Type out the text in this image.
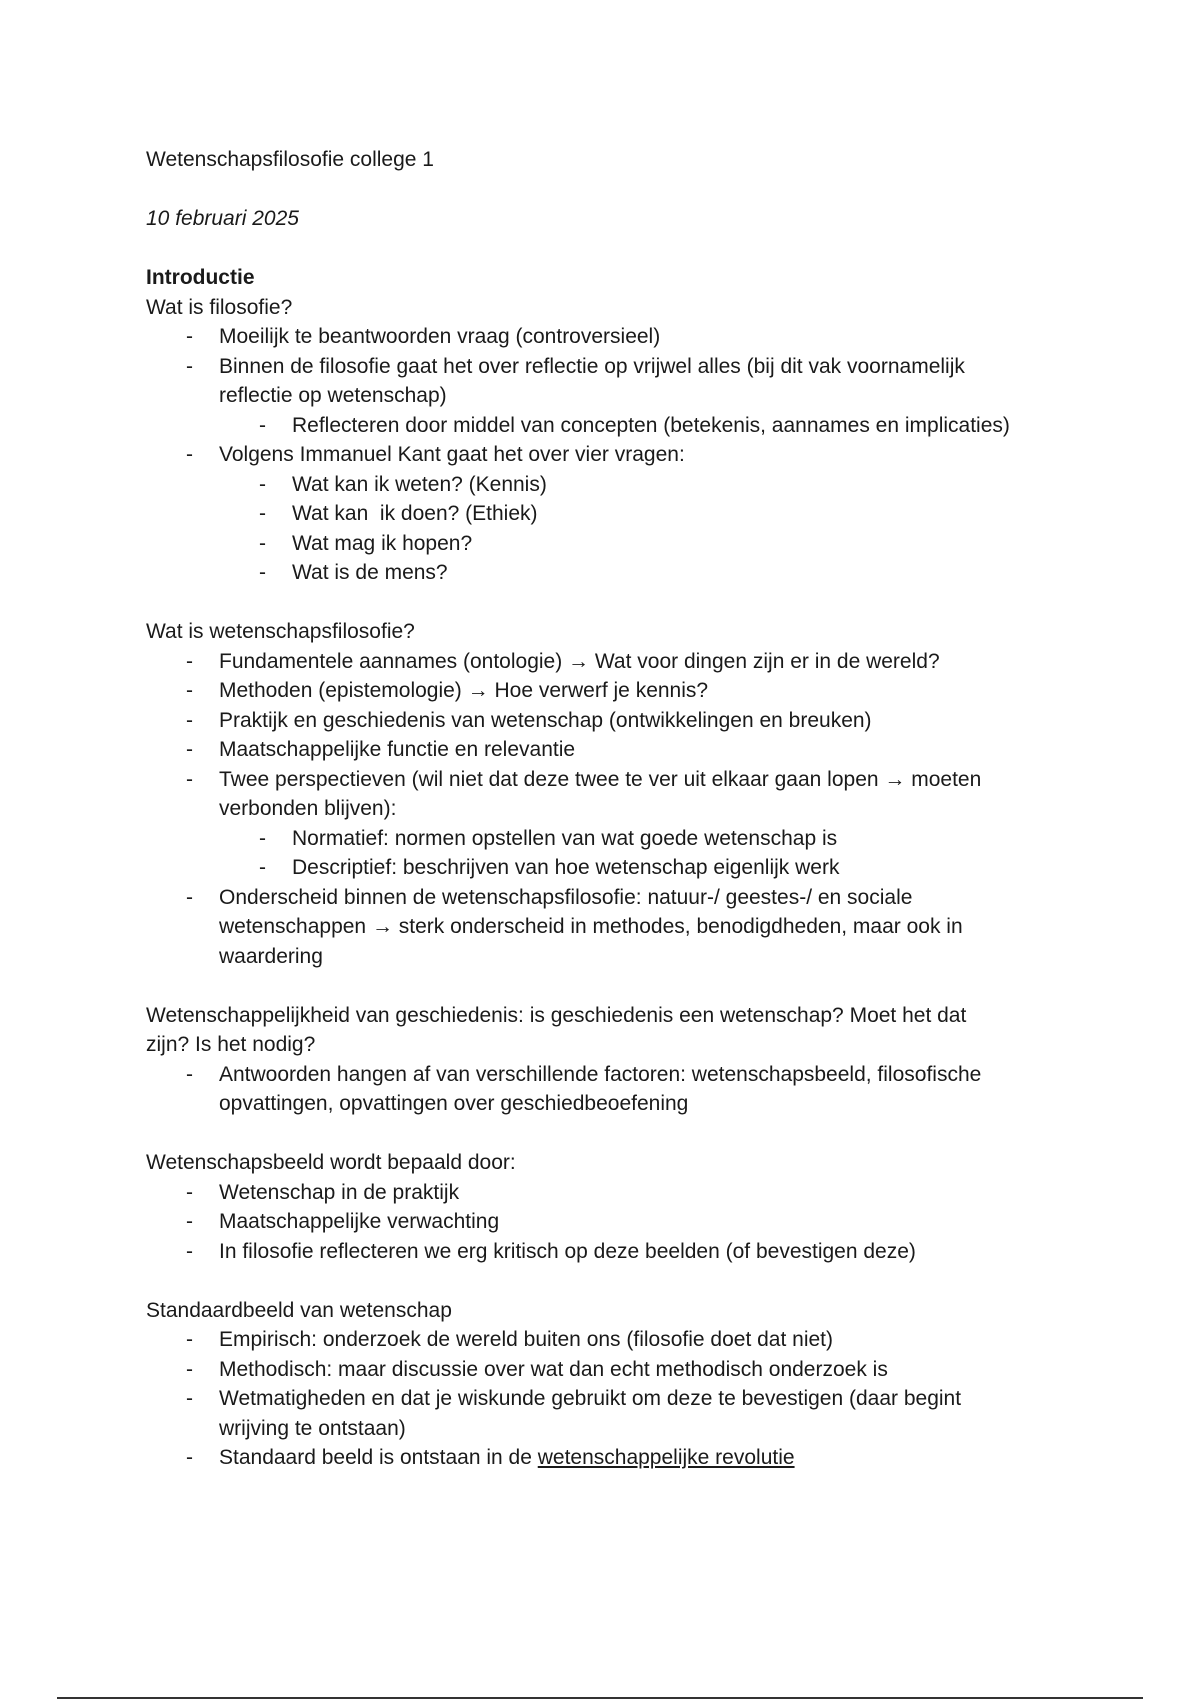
Wetenschapsfilosofie college 1

10 februari 2025

Introductie

Wat is filosofie?

- Moeilijk te beantwoorden vraag (controversieel)
- Binnen de filosofie gaat het over reflectie op vrijwel alles (bij dit vak voornamelijk
reflectie op wetenschap)
- Reflecteren door middel van concepten (betekenis, aannames en implicaties)
- Volgens Immanuel Kant gaat het over vier vragen:
- Wat kan ik weten? (Kennis)
- Wat kan  ik doen? (Ethiek)
- Wat mag ik hopen?
- Wat is de mens?

Wat is wetenschapsfilosofie?

- Fundamentele aannames (ontologie) → Wat voor dingen zijn er in de wereld?
- Methoden (epistemologie) → Hoe verwerf je kennis?
- Praktijk en geschiedenis van wetenschap (ontwikkelingen en breuken)
- Maatschappelijke functie en relevantie
- Twee perspectieven (wil niet dat deze twee te ver uit elkaar gaan lopen → moeten
verbonden blijven):
- Normatief: normen opstellen van wat goede wetenschap is
- Descriptief: beschrijven van hoe wetenschap eigenlijk werk
- Onderscheid binnen de wetenschapsfilosofie: natuur-/ geestes-/ en sociale
wetenschappen → sterk onderscheid in methodes, benodigdheden, maar ook in
waardering

Wetenschappelijkheid van geschiedenis: is geschiedenis een wetenschap? Moet het dat
zijn? Is het nodig?

- Antwoorden hangen af van verschillende factoren: wetenschapsbeeld, filosofische
opvattingen, opvattingen over geschiedbeoefening

Wetenschapsbeeld wordt bepaald door:

- Wetenschap in de praktijk
- Maatschappelijke verwachting
- In filosofie reflecteren we erg kritisch op deze beelden (of bevestigen deze)

Standaardbeeld van wetenschap

- Empirisch: onderzoek de wereld buiten ons (filosofie doet dat niet)
- Methodisch: maar discussie over wat dan echt methodisch onderzoek is
- Wetmatigheden en dat je wiskunde gebruikt om deze te bevestigen (daar begint
wrijving te ontstaan)
- Standaard beeld is ontstaan in de wetenschappelijke revolutie
